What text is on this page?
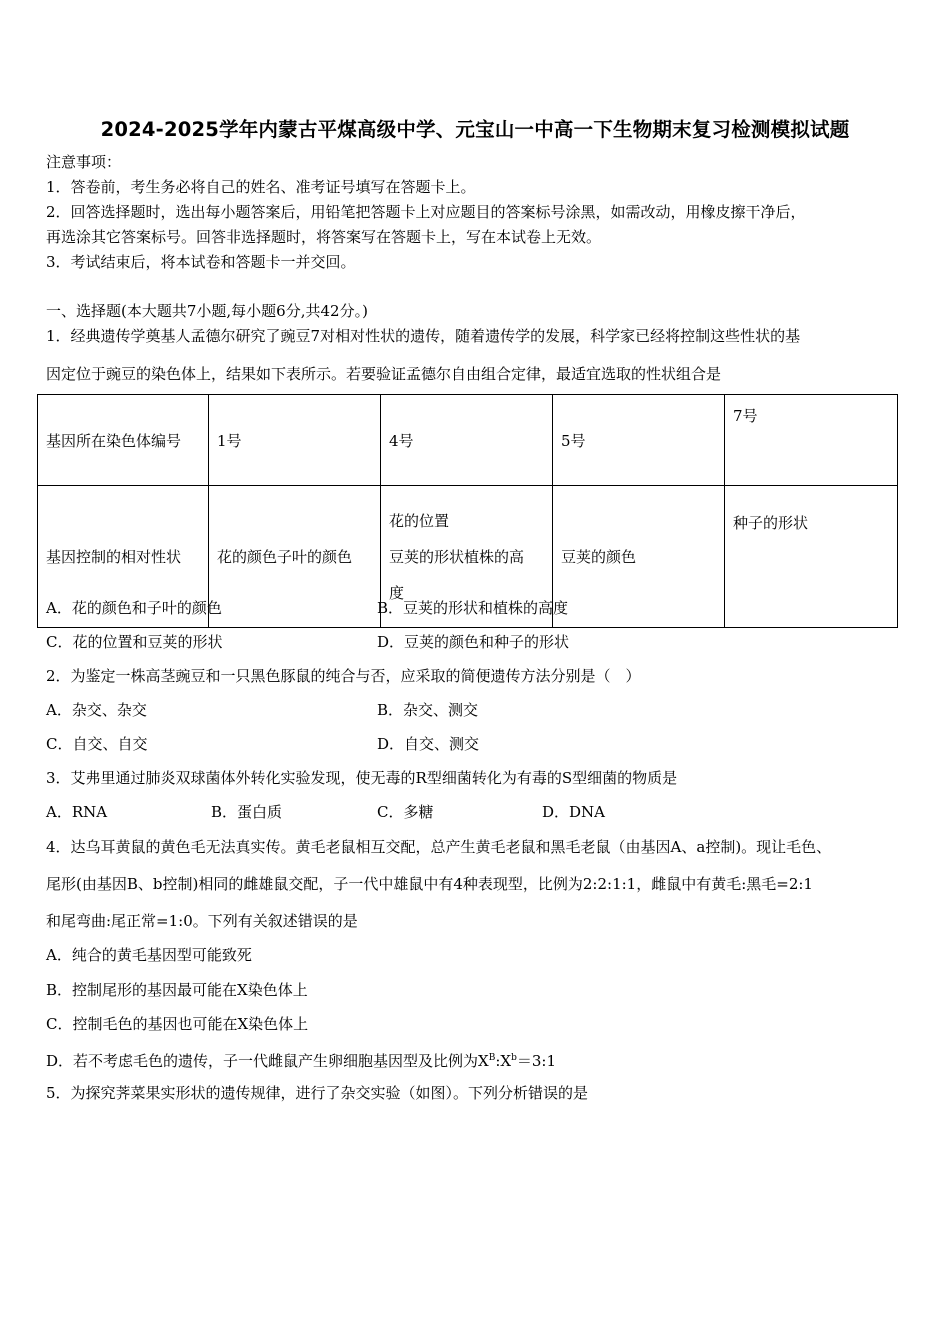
2024-2025学年内蒙古平煤高级中学、元宝山一中高一下生物期末复习检测模拟试题
注意事项：
1．答卷前，考生务必将自己的姓名、准考证号填写在答题卡上。
2．回答选择题时，选出每小题答案后，用铅笔把答题卡上对应题目的答案标号涂黑，如需改动，用橡皮擦干净后，
再选涂其它答案标号。回答非选择题时，将答案写在答题卡上，写在本试卷上无效。
3．考试结束后，将本试卷和答题卡一并交回。
一、选择题(本大题共7小题,每小题6分,共42分。)
1．经典遗传学奠基人孟德尔研究了豌豆7对相对性状的遗传，随着遗传学的发展，科学家已经将控制这些性状的基
因定位于豌豆的染色体上，结果如下表所示。若要验证孟德尔自由组合定律，最适宜选取的性状组合是
基因所在染色体编号	1号	4号	5号	7号
基因控制的相对性状	花的颜色子叶的颜色	花的位置
豆荚的形状植株的高
度	豆荚的颜色	种子的形状
A．花的颜色和子叶的颜色	B．豆荚的形状和植株的高度
C．花的位置和豆荚的形状	D．豆荚的颜色和种子的形状
2．为鉴定一株高茎豌豆和一只黑色豚鼠的纯合与否，应采取的简便遗传方法分别是（　）
A．杂交、杂交	B．杂交、测交
C．自交、自交	D．自交、测交
3．艾弗里通过肺炎双球菌体外转化实验发现，使无毒的R型细菌转化为有毒的S型细菌的物质是
A．RNA	B．蛋白质	C．多糖	D．DNA
4．达乌耳黄鼠的黄色毛无法真实传。黄毛老鼠相互交配，总产生黄毛老鼠和黑毛老鼠（由基因A、a控制)。现让毛色、
尾形(由基因B、b控制)相同的雌雄鼠交配，子一代中雄鼠中有4种表现型，比例为2:2:1:1，雌鼠中有黄毛:黑毛=2:1
和尾弯曲:尾正常=1:0。下列有关叙述错误的是
A．纯合的黄毛基因型可能致死
B．控制尾形的基因最可能在X染色体上
C．控制毛色的基因也可能在X染色体上
D．若不考虑毛色的遗传，子一代雌鼠产生卵细胞基因型及比例为$X^B:X^b=3:1$
5．为探究荠菜果实形状的遗传规律，进行了杂交实验（如图）。下列分析错误的是
